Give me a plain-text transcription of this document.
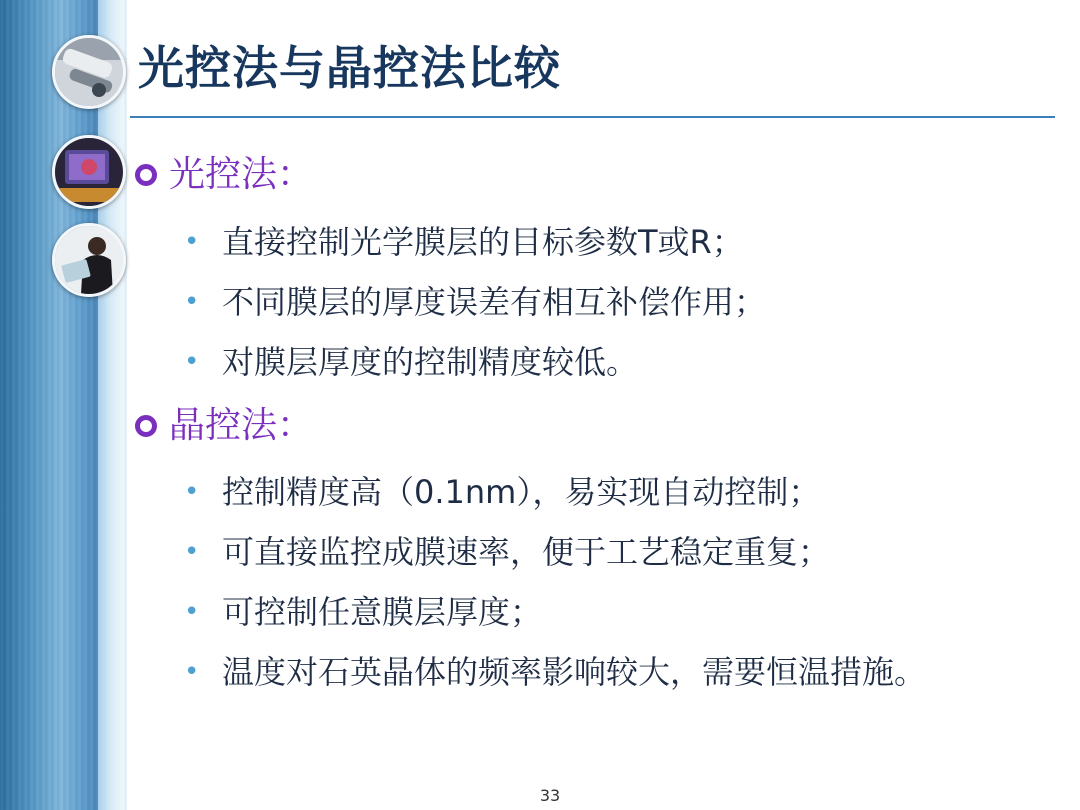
光控法与晶控法比较
光控法：
• 直接控制光学膜层的目标参数T或R；
• 不同膜层的厚度误差有相互补偿作用；
• 对膜层厚度的控制精度较低。
晶控法：
• 控制精度高（0.1nm），易实现自动控制；
• 可直接监控成膜速率，便于工艺稳定重复；
• 可控制任意膜层厚度；
• 温度对石英晶体的频率影响较大，需要恒温措施。
33
